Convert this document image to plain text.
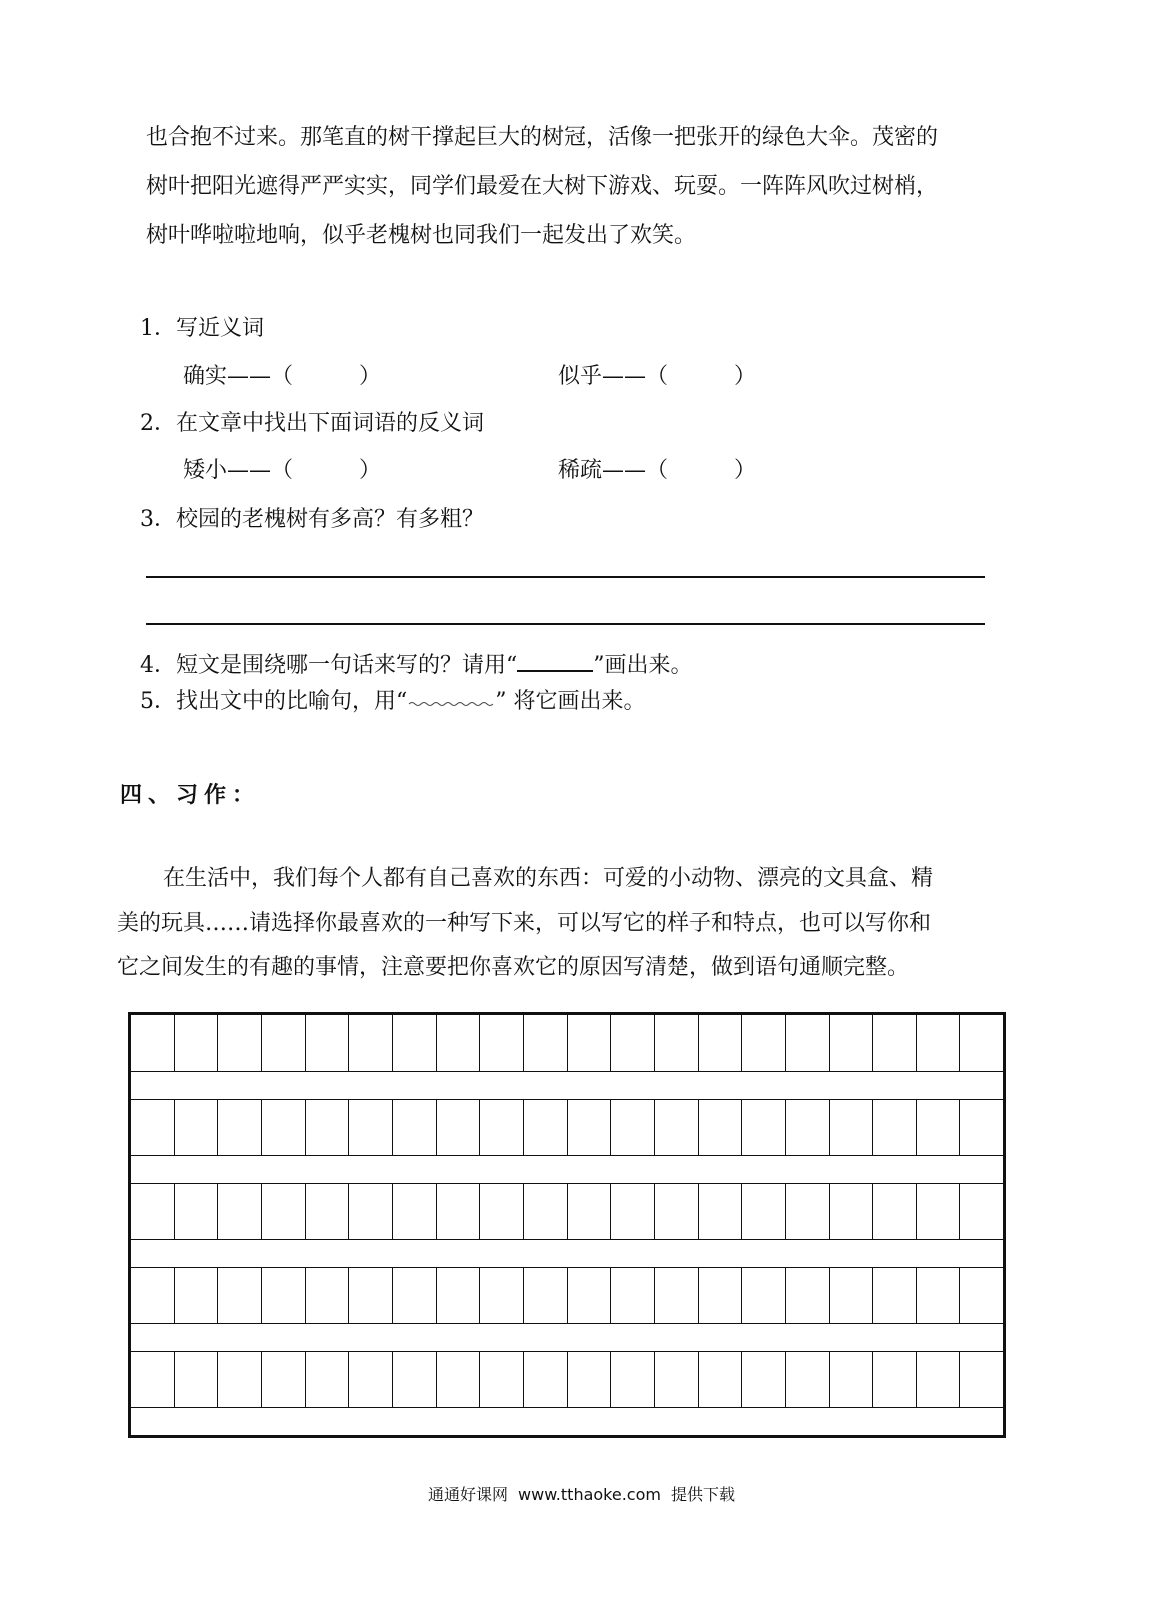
也合抱不过来。那笔直的树干撑起巨大的树冠，活像一把张开的绿色大伞。茂密的
树叶把阳光遮得严严实实，同学们最爱在大树下游戏、玩耍。一阵阵风吹过树梢，
树叶哗啦啦地响，似乎老槐树也同我们一起发出了欢笑。
1．写近义词
确实——（　　　）	似乎——（　　　）
2．在文章中找出下面词语的反义词
矮小——（　　　）	稀疏——（　　　）
3．校园的老槐树有多高？有多粗？
4．短文是围绕哪一句话来写的？请用“	”画出来。
5．找出文中的比喻句，用“	” 将它画出来。
四、习作：
在生活中，我们每个人都有自己喜欢的东西：可爱的小动物、漂亮的文具盒、精
美的玩具……请选择你最喜欢的一种写下来，可以写它的样子和特点，也可以写你和
它之间发生的有趣的事情，注意要把你喜欢它的原因写清楚，做到语句通顺完整。
通通好课网 www.tthaoke.com 提供下载
